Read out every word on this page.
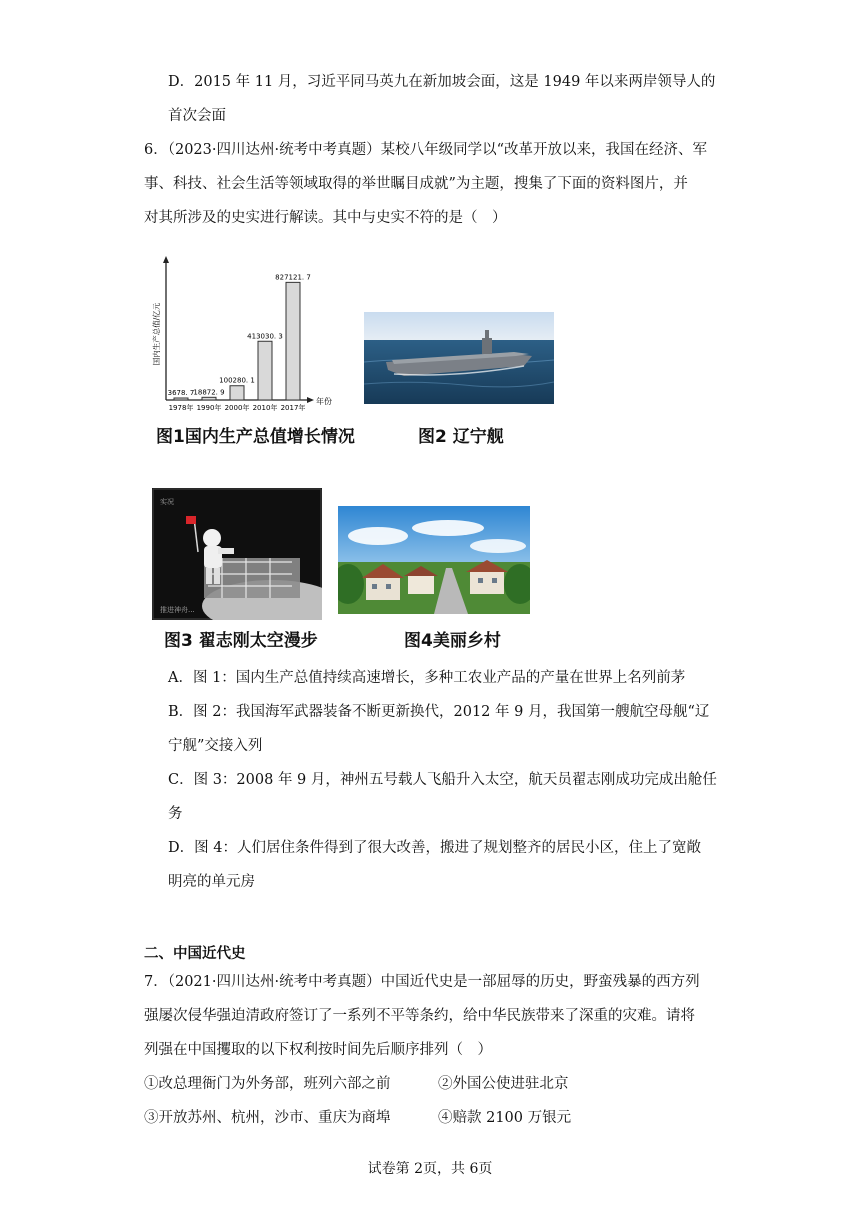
D．2015 年 11 月，习近平同马英九在新加坡会面，这是 1949 年以来两岸领导人的
首次会面
6．（2023·四川达州·统考中考真题）某校八年级同学以“改革开放以来，我国在经济、军
事、科技、社会生活等领域取得的举世瞩目成就”为主题，搜集了下面的资料图片，并
对其所涉及的史实进行解读。其中与史实不符的是（　）
国内生产总值/亿元
年份
3678. 7
1978年
18872. 9
1990年
100280. 1
2000年
413030. 3
2010年
827121. 7
2017年
图1国内生产总值增长情况	图2 辽宁舰
实况
推进神舟...
图3 翟志刚太空漫步	图4美丽乡村
A．图 1：国内生产总值持续高速增长，多种工农业产品的产量在世界上名列前茅
B．图 2：我国海军武器装备不断更新换代，2012 年 9 月，我国第一艘航空母舰“辽
宁舰”交接入列
C．图 3：2008 年 9 月，神州五号载人飞船升入太空，航天员翟志刚成功完成出舱任
务
D．图 4：人们居住条件得到了很大改善，搬进了规划整齐的居民小区，住上了宽敞
明亮的单元房
二、中国近代史
7．（2021·四川达州·统考中考真题）中国近代史是一部屈辱的历史，野蛮残暴的西方列
强屡次侵华强迫清政府签订了一系列不平等条约，给中华民族带来了深重的灾难。请将
列强在中国攫取的以下权利按时间先后顺序排列（　）
①改总理衙门为外务部，班列六部之前	②外国公使进驻北京
③开放苏州、杭州，沙市、重庆为商埠	④赔款 2100 万银元
试卷第 2页，共 6页
